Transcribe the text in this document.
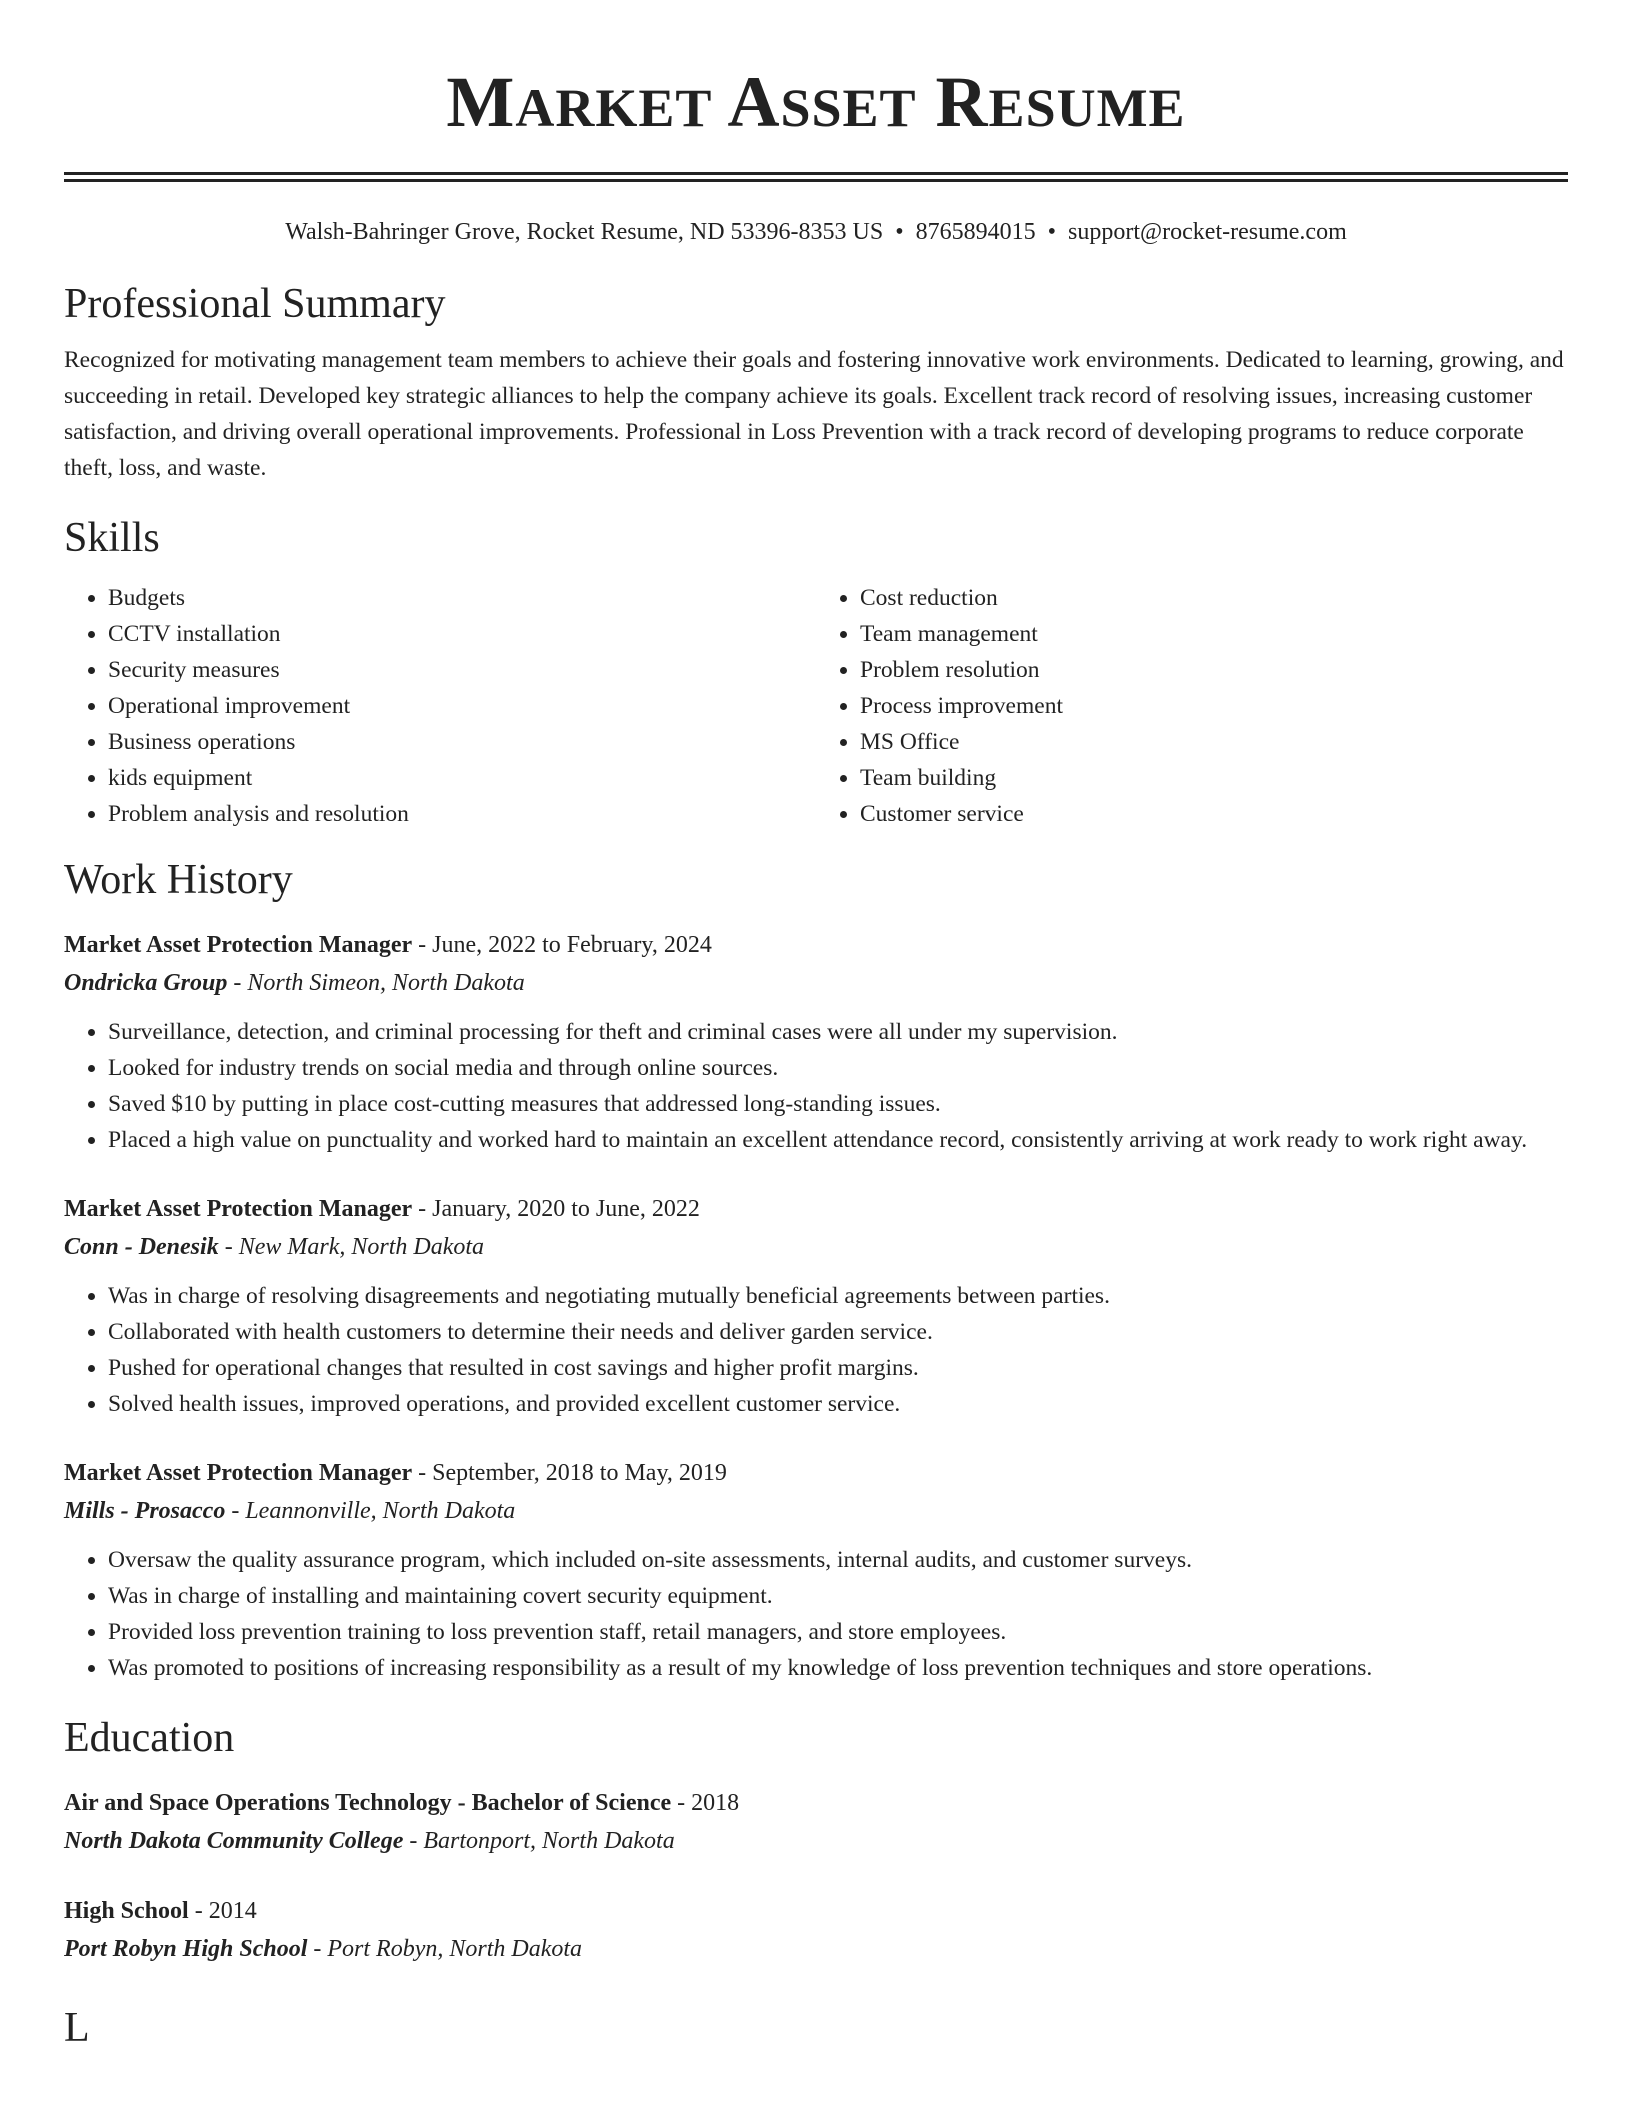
MARKET ASSET RESUME
Walsh-Bahringer Grove, Rocket Resume, ND 53396-8353 US • 8765894015 • support@rocket-resume.com
Professional Summary

Recognized for motivating management team members to achieve their goals and fostering innovative work environments. Dedicated to learning, growing, and succeeding in retail. Developed key strategic alliances to help the company achieve its goals. Excellent track record of resolving issues, increasing customer satisfaction, and driving overall operational improvements. Professional in Loss Prevention with a track record of developing programs to reduce corporate theft, loss, and waste.

Skills
• Budgets
• CCTV installation
• Security measures
• Operational improvement
• Business operations
• kids equipment
• Problem analysis and resolution
• Cost reduction
• Team management
• Problem resolution
• Process improvement
• MS Office
• Team building
• Customer service
Work History
Market Asset Protection Manager - June, 2022 to February, 2024
Ondricka Group - North Simeon, North Dakota
• Surveillance, detection, and criminal processing for theft and criminal cases were all under my supervision.
• Looked for industry trends on social media and through online sources.
• Saved $10 by putting in place cost-cutting measures that addressed long-standing issues.
• Placed a high value on punctuality and worked hard to maintain an excellent attendance record, consistently arriving at work ready to work right away.
Market Asset Protection Manager - January, 2020 to June, 2022
Conn - Denesik - New Mark, North Dakota
• Was in charge of resolving disagreements and negotiating mutually beneficial agreements between parties.
• Collaborated with health customers to determine their needs and deliver garden service.
• Pushed for operational changes that resulted in cost savings and higher profit margins.
• Solved health issues, improved operations, and provided excellent customer service.
Market Asset Protection Manager - September, 2018 to May, 2019
Mills - Prosacco - Leannonville, North Dakota
• Oversaw the quality assurance program, which included on-site assessments, internal audits, and customer surveys.
• Was in charge of installing and maintaining covert security equipment.
• Provided loss prevention training to loss prevention staff, retail managers, and store employees.
• Was promoted to positions of increasing responsibility as a result of my knowledge of loss prevention techniques and store operations.
Education
Air and Space Operations Technology - Bachelor of Science - 2018
North Dakota Community College - Bartonport, North Dakota
High School - 2014
Port Robyn High School - Port Robyn, North Dakota
L
